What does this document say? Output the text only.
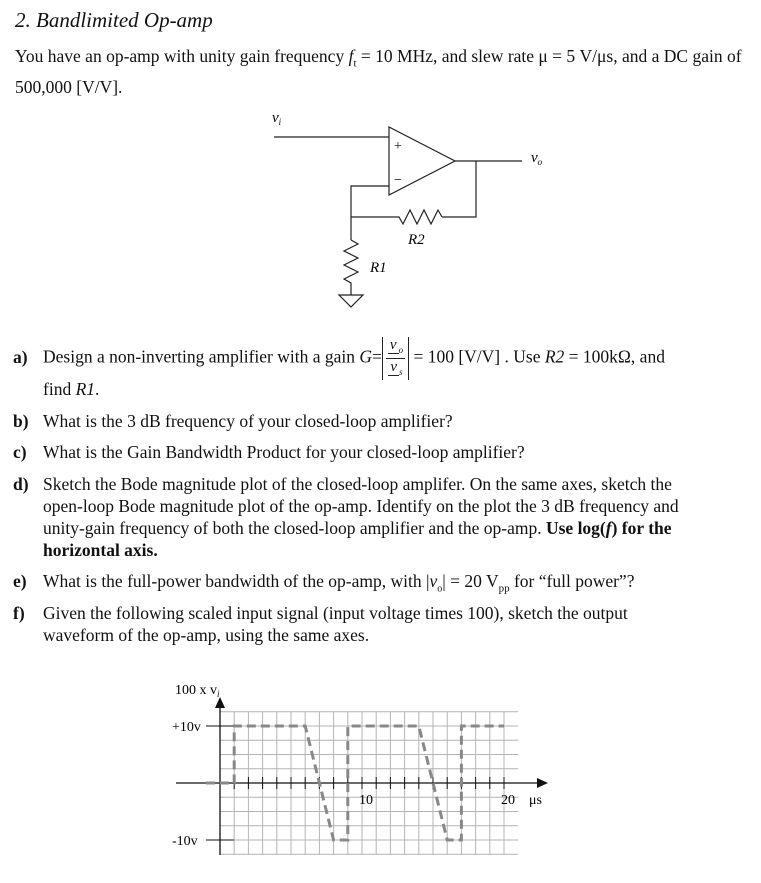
2. Bandlimited Op-amp
You have an op-amp with unity gain frequency $f_t = 10$ MHz, and slew rate μ = 5 V/μs, and a DC gain of 500,000 [V/V].
$v_i$
$v_o$
+
−
R2
R1
a) Design a non-inverting amplifier with a gain $G= \frac{v _o}{v _s} = 100$ [V/V] . Use R2 = 100kΩ, and
find R1.
b) What is the 3 dB frequency of your closed-loop amplifier?
c) What is the Gain Bandwidth Product for your closed-loop amplifier?
d) Sketch the Bode magnitude plot of the closed-loop amplifer. On the same axes, sketch the
open-loop Bode magnitude plot of the op-amp. Identify on the plot the 3 dB frequency and
unity-gain frequency of both the closed-loop amplifier and the op-amp. Use log(f) for the
horizontal axis.
e) What is the full-power bandwidth of the op-amp, with $|v_o| = 20$ $V_{pp}$ for “full power”?
f) Given the following scaled input signal (input voltage times 100), sketch the output
waveform of the op-amp, using the same axes.
10	20
+10v
-10v
100 x $v_i$
μs
